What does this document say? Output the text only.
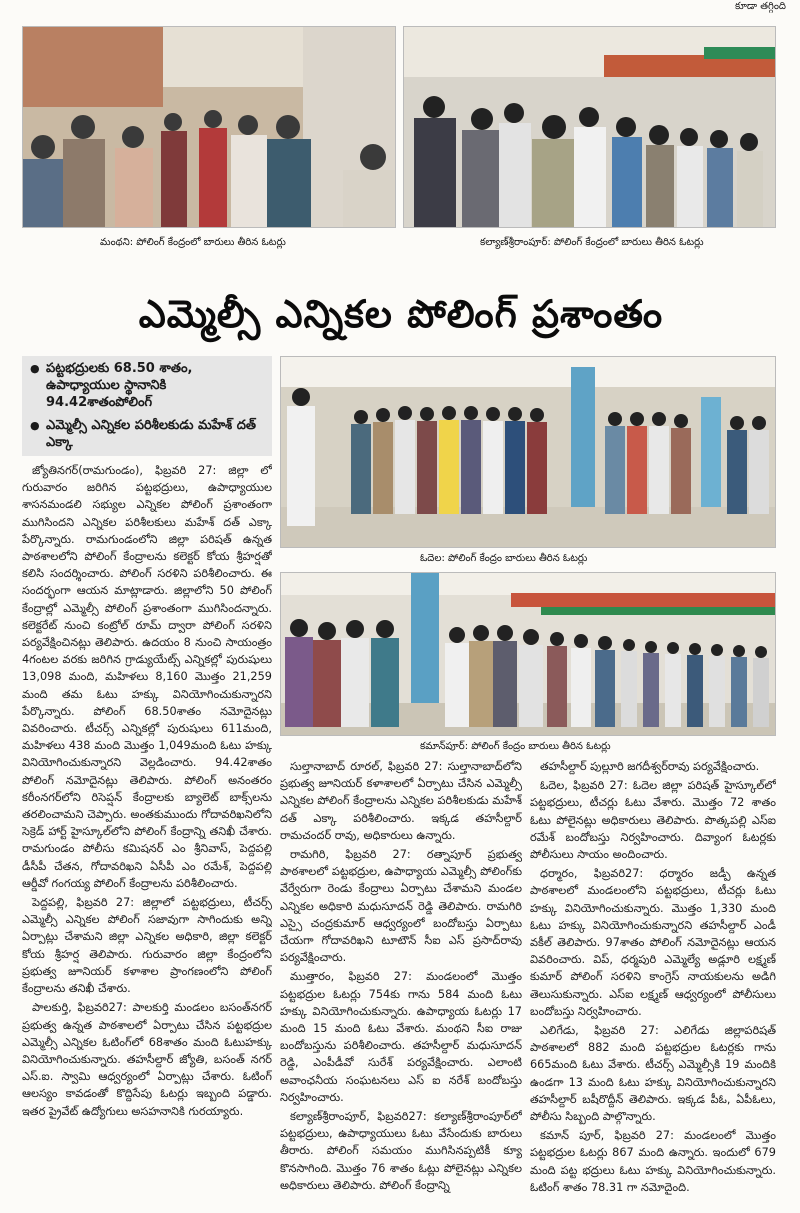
కూడా తగ్గింది
మంథని: పోలింగ్ కేంద్రంలో బారులు తీరిన ఓటర్లు	కల్యాణ్‌శ్రీరాంపూర్: పోలింగ్ కేంద్రంలో బారులు తీరిన ఓటర్లు
ఎమ్మెల్సీ ఎన్నికల పోలింగ్ ప్రశాంతం
● పట్టభద్రులకు 68.50 శాతం, ఉపాధ్యాయుల స్థానానికి 94.42శాతంపోలింగ్
● ఎమ్మెల్సీ ఎన్నికల పరిశీలకుడు మహేశ్ దత్ ఎక్కా
ఓదెల: పోలింగ్ కేంద్రం బారులు తీరిన ఓటర్లు
కమాన్‌పూర్: పోలింగ్ కేంద్రం బారులు తీరిన ఓటర్లు

జ్యోతినగర్(రామగుండం), ఫిబ్రవరి 27: జిల్లా లో గురువారం జరిగిన పట్టభద్రులు, ఉపాధ్యాయుల శాసనమండలి సభ్యుల ఎన్నికల పోలింగ్ ప్రశాంతంగా ముగిసిందని ఎన్నికల పరిశీలకులు మహేశ్ దత్ ఎక్కా పేర్కొన్నారు. రామగుండంలోని జిల్లా పరిషత్ ఉన్నత పాఠశాలలోని పోలింగ్ కేంద్రాలను కలెక్టర్ కోయ శ్రీహర్షతో కలిసి సందర్శించారు. పోలింగ్ సరళిని పరిశీలించారు. ఈ సందర్భంగా ఆయన మాట్లాడారు. జిల్లాలోని 50 పోలింగ్ కేంద్రాల్లో ఎమ్మెల్సీ పోలింగ్ ప్రశాంతంగా ముగిసిందన్నారు. కలెక్టరేట్ నుంచి కంట్రోల్ రూమ్ ద్వారా పోలింగ్ సరళిని పర్యవేక్షించినట్లు తెలిపారు. ఉదయం 8 నుంచి సాయంత్రం 4గంటల వరకు జరిగిన గ్రాడ్యుయేట్స్ ఎన్నికల్లో పురుషులు 13,098 మంది, మహిళలు 8,160 మొత్తం 21,259 మంది తమ ఓటు హక్కు వినియోగించుకున్నారని పేర్కొన్నారు. పోలింగ్ 68.50శాతం నమోదైనట్లు వివరించారు. టీచర్స్ ఎన్నికల్లో పురుషులు 611మంది, మహిళలు 438 మంది మొత్తం 1,049మంది ఓటు హక్కు వినియోగించుకున్నారని వెల్లడించారు. 94.42శాతం పోలింగ్ నమోదైనట్లు తెలిపారు. పోలింగ్ అనంతరం కరీంనగర్‌లోని రిసెప్షన్ కేంద్రాలకు బ్యాలెట్ బాక్స్‌లను తరలించామని చెప్పారు. అంతకుముందు గోదావరిఖనిలోని సెక్రెడ్ హార్ట్ హైస్కూల్‌లోని పోలింగ్ కేంద్రాన్ని తనిఖీ చేశారు. రామగుండం పోలీసు కమిషనర్ ఎం శ్రీనివాస్, పెద్దపల్లి డీసీపీ చేతన, గోదావరిఖని ఏసీపీ ఎం రమేశ్, పెద్దపల్లి ఆర్డీవో గంగయ్య పోలింగ్ కేంద్రాలను పరిశీలించారు.

పెద్దపల్లి, ఫిబ్రవరి 27: జిల్లాలో పట్టభద్రులు, టీచర్స్ ఎమ్మెల్సీ ఎన్నికల పోలింగ్ సజావుగా సాగిందుకు అన్ని ఏర్పాట్లు చేశామని జిల్లా ఎన్నికల అధికారి, జిల్లా కలెక్టర్ కోయ శ్రీహర్ష తెలిపారు. గురువారం జిల్లా కేంద్రంలోని ప్రభుత్వ జూనియర్ కళాశాల ప్రాంగణంలోని పోలింగ్ కేంద్రాలను తనిఖీ చేశారు.

పాలకుర్తి, ఫిబ్రవరి27: పాలకుర్తి మండలం బసంత్‌నగర్ ప్రభుత్వ ఉన్నత పాఠశాలలో ఏర్పాటు చేసిన పట్టభద్రుల ఎమ్మెల్సీ ఎన్నికల ఓటింగ్‌లో 68శాతం మంది ఓటుహక్కు వినియోగించుకున్నారు. తహసీల్దార్ జ్యోతి, బసంత్ నగర్ ఎస్.ఐ. స్వామి ఆధ్వర్యంలో ఏర్పాట్లు చేశారు. ఓటింగ్ ఆలస్యం కావడంతో కొద్దిసేపు ఓటర్లు ఇబ్బంది పడ్డారు. ఇతర ప్రైవేట్ ఉద్యోగులు అసహనానికి గురయ్యారు.

సుల్తానాబాద్ రూరల్, ఫిబ్రవరి 27: సుల్తానాబాద్‌లోని ప్రభుత్వ జూనియర్ కళాశాలలో ఏర్పాటు చేసిన ఎమ్మెల్సీ ఎన్నికల పోలింగ్ కేంద్రాలను ఎన్నికల పరిశీలకుడు మహేశ్ దత్ ఎక్కా పరిశీలించారు. ఇక్కడ తహసీల్దార్ రామచందర్ రావు, అధికారులు ఉన్నారు.

రామగిరి, ఫిబ్రవరి 27: రత్నాపూర్ ప్రభుత్వ పాఠశాలలో పట్టభద్రుల, ఉపాధ్యాయ ఎమ్మెల్సీ పోలింగ్‌కు వేర్వేరుగా రెండు కేంద్రాలు ఏర్పాటు చేశామని మండల ఎన్నికల అధికారి మధుసూదన్ రెడ్డి తెలిపారు. రామగిరి ఎస్సై చంద్రకుమార్ ఆధ్వర్యంలో బందోబస్తు ఏర్పాటు చేయగా గోదావరిఖని టూటౌన్ సీఐ ఎస్ ప్రసాద్‌రావు పర్యవేక్షించారు.

ముత్తారం, ఫిబ్రవరి 27: మండలంలో మొత్తం పట్టభద్రుల ఓటర్లు 754కు గాను 584 మంది ఓటు హక్కు వినియోగించుకున్నారు. ఉపాధ్యాయ ఓటర్లు 17 మంది 15 మంది ఓటు వేశారు. మంథని సీఐ రాజు బందోబస్తును పరిశీలించారు. తహసీల్దార్ మధుసూదన్ రెడ్డి, ఎంపీడీవో సురేశ్ పర్యవేక్షించారు. ఎలాంటి అవాంఛనీయ సంఘటనలు ఎస్ ఐ నరేశ్ బందోబస్తు నిర్వహించారు.

కల్యాణ్‌శ్రీరాంపూర్, ఫిబ్రవరి27: కల్యాణ్‌శ్రీరాంపూర్‌లో పట్టభద్రులు, ఉపాధ్యాయులు ఓటు వేసేందుకు బారులు తీరారు. పోలింగ్ సమయం ముగిసినప్పటికీ క్యూ కొనసాగింది. మొత్తం 76 శాతం ఓట్లు పోలైనట్లు ఎన్నికల అధికారులు తెలిపారు. పోలింగ్ కేంద్రాన్ని

తహసీల్దార్ పుల్లూరి జగదీశ్వర్‌రావు పర్యవేక్షించారు.

ఓదెల, ఫిబ్రవరి 27: ఓదెల జిల్లా పరిషత్ హైస్కూల్‌లో పట్టభద్రులు, టీచర్లు ఓటు వేశారు. మొత్తం 72 శాతం ఓటు పోలైనట్లు అధికారులు తెలిపారు. పొత్కపల్లి ఎస్ఐ రమేశ్ బందోబస్తు నిర్వహించారు. దివ్యాంగ ఓటర్లకు పోలీసులు సాయం అందించారు.

ధర్మారం, ఫిబ్రవరి27: ధర్మారం జడ్పీ ఉన్నత పాఠశాలలో మండలంలోని పట్టభద్రులు, టీచర్లు ఓటు హక్కు వినియోగించుకున్నారు. మొత్తం 1,330 మంది ఓటు హక్కు వినియోగించుకున్నారని తహసీల్దార్ ఎండీ వకీల్ తెలిపారు. 97శాతం పోలింగ్ నమోదైనట్లు ఆయన వివరించారు. విప్, ధర్మపురి ఎమ్మెల్యే అడ్లూరి లక్ష్మణ్ కుమార్ పోలింగ్ సరళిని కాంగ్రెస్ నాయకులను అడిగి తెలుసుకున్నారు. ఎస్ఐ లక్ష్మణ్ ఆధ్వర్యంలో పోలీసులు బందోబస్తు నిర్వహించారు.

ఎలిగేడు, ఫిబ్రవరి 27: ఎలిగేడు జిల్లాపరిషత్ పాఠశాలలో 882 మంది పట్టభద్రుల ఓటర్లకు గాను 665మంది ఓటు వేశారు. టీచర్స్ ఎమ్మెల్సీకి 19 మందికి ఉండగా 13 మంది ఓటు హక్కు వినియోగించుకున్నారని తహసీల్దార్ బషీరొద్దీన్ తెలిపారు. ఇక్కడ పీఓ, ఏపీఓలు, పోలీసు సిబ్బంది పాల్గొన్నారు.

కమాన్ పూర్, ఫిబ్రవరి 27: మండలంలో మొత్తం పట్టభద్రుల ఓటర్లు 867 మంది ఉన్నారు. ఇందులో 679 మంది పట్ట భద్రులు ఓటు హక్కు వినియోగించుకున్నారు. ఓటింగ్ శాతం 78.31 గా నమోదైంది.
